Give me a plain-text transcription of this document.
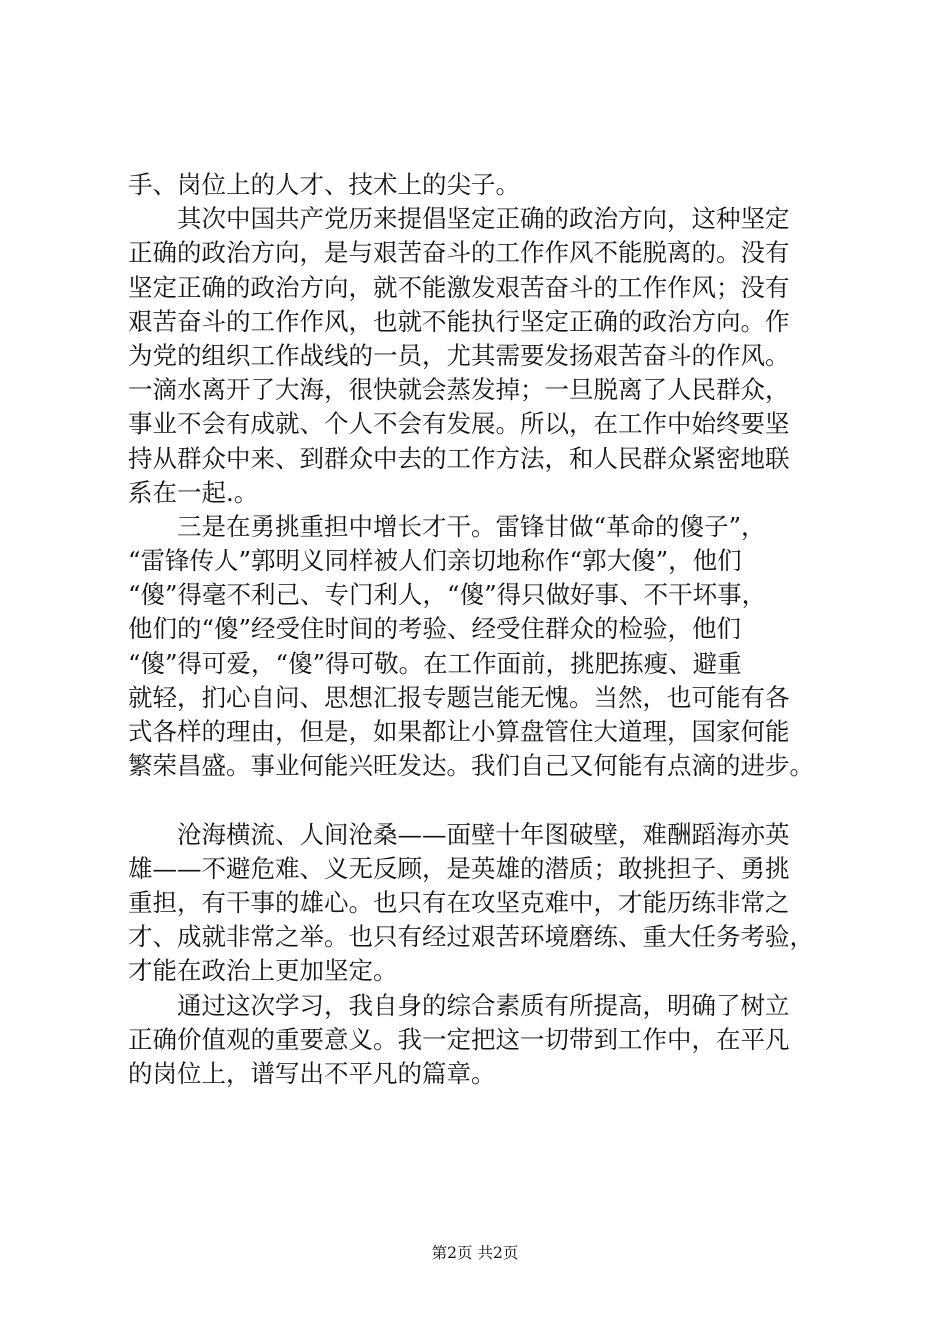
手、岗位上的人才、技术上的尖子。
　　其次中国共产党历来提倡坚定正确的政治方向，这种坚定
正确的政治方向，是与艰苦奋斗的工作作风不能脱离的。没有
坚定正确的政治方向，就不能激发艰苦奋斗的工作作风；没有
艰苦奋斗的工作作风，也就不能执行坚定正确的政治方向。作
为党的组织工作战线的一员，尤其需要发扬艰苦奋斗的作风。
一滴水离开了大海，很快就会蒸发掉；一旦脱离了人民群众，
事业不会有成就、个人不会有发展。所以，在工作中始终要坚
持从群众中来、到群众中去的工作方法，和人民群众紧密地联
系在一起.。
　　三是在勇挑重担中增长才干。雷锋甘做“革命的傻子”，
“雷锋传人”郭明义同样被人们亲切地称作“郭大傻”，他们
“傻”得毫不利己、专门利人，“傻”得只做好事、不干坏事，
他们的“傻”经受住时间的考验、经受住群众的检验，他们
“傻”得可爱，“傻”得可敬。在工作面前，挑肥拣瘦、避重
就轻，扪心自问、思想汇报专题岂能无愧。当然，也可能有各
式各样的理由，但是，如果都让小算盘管住大道理，国家何能
繁荣昌盛。事业何能兴旺发达。我们自己又何能有点滴的进步。
　　沧海横流、人间沧桑——面壁十年图破壁，难酬蹈海亦英
雄——不避危难、义无反顾，是英雄的潜质；敢挑担子、勇挑
重担，有干事的雄心。也只有在攻坚克难中，才能历练非常之
才、成就非常之举。也只有经过艰苦环境磨练、重大任务考验，
才能在政治上更加坚定。
　　通过这次学习，我自身的综合素质有所提高，明确了树立
正确价值观的重要意义。我一定把这一切带到工作中，在平凡
的岗位上，谱写出不平凡的篇章。
第2页 共2页
